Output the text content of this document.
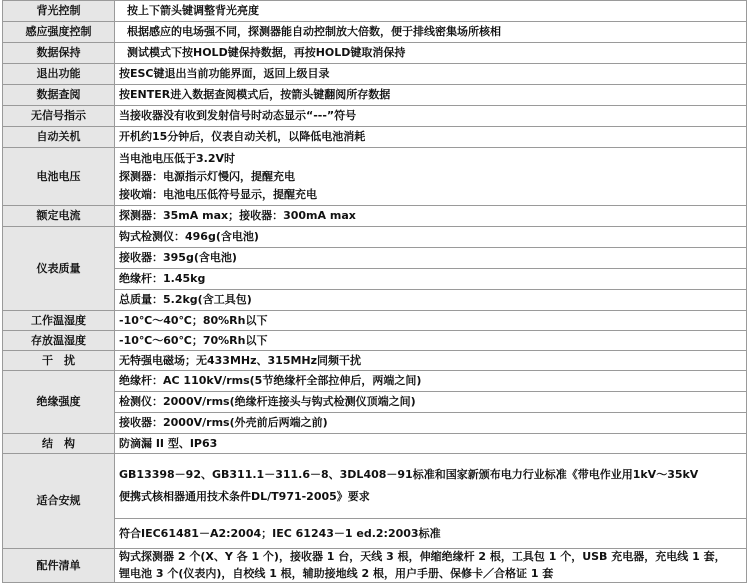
背光控制	按上下箭头键调整背光亮度
感应强度控制	根据感应的电场强不同，探测器能自动控制放大倍数，便于排线密集场所核相
数据保持	测试模式下按HOLD键保持数据，再按HOLD键取消保持
退出功能	按ESC键退出当前功能界面，返回上级目录
数据查阅	按ENTER进入数据查阅模式后，按箭头键翻阅所存数据
无信号指示	当接收器没有收到发射信号时动态显示“---”符号
自动关机	开机约15分钟后，仪表自动关机，以降低电池消耗
电池电压	当电池电压低于3.2V时
探测器：电源指示灯慢闪，提醒充电
接收端：电池电压低符号显示，提醒充电

额定电流	探测器：35mA max；接收器：300mA max
仪表质量	钩式检测仪：496g(含电池)
	接收器：395g(含电池)
	绝缘杆：1.45kg
	总质量：5.2kg(含工具包)
工作温湿度	-10℃～40℃；80%Rh以下
存放温湿度	-10℃～60℃；70%Rh以下
干　扰	无特强电磁场；无433MHz、315MHz同频干扰
绝缘强度	绝缘杆：AC 110kV/rms(5节绝缘杆全部拉伸后，两端之间)
	检测仪：2000V/rms(绝缘杆连接头与钩式检测仪顶端之间)
	接收器：2000V/rms(外壳前后两端之前)
结　构	防滴漏 II 型、IP63
适合安规	GB13398－92、GB311.1－311.6－8、3DL408－91标准和国家新颁布电力行业标准《带电作业用1kV～35kV
便携式核相器通用技术条件DL/T971-2005》要求

	符合IEC61481－A2:2004；IEC 61243－1 ed.2:2003标准
配件清单	钩式探测器 2 个(X、Y 各 1 个)，接收器 1 台，天线 3 根，伸缩绝缘杆 2 根，工具包 1 个，USB 充电器，充电线 1 套，
锂电池 3 个(仪表内)，自校线 1 根，辅助接地线 2 根，用户手册、保修卡／合格证 1 套
